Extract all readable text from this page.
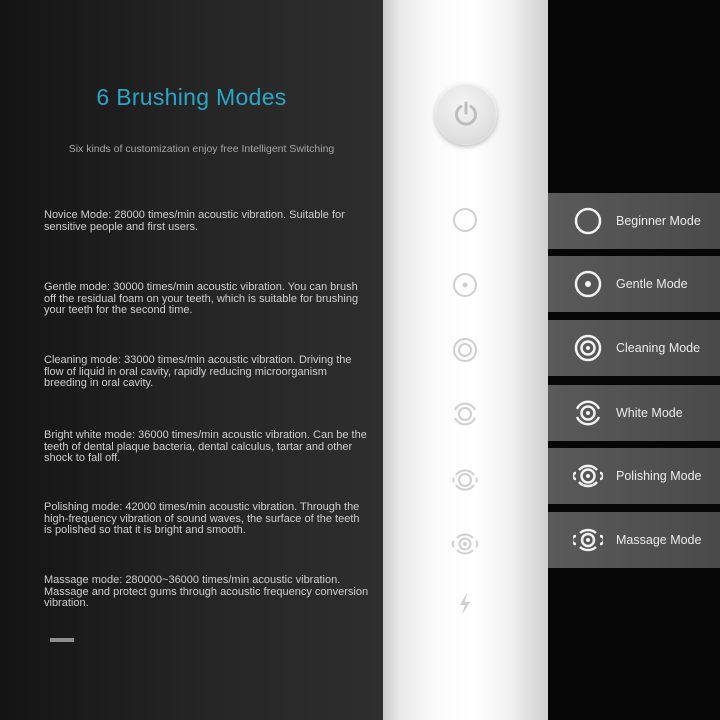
6 Brushing Modes

Six kinds of customization enjoy free Intelligent Switching

Novice Mode: 28000 times/min acoustic vibration. Suitable for sensitive people and first users.

Gentle mode: 30000 times/min acoustic vibration. You can brush off the residual foam on your teeth, which is suitable for brushing your teeth for the second time.

Cleaning mode: 33000 times/min acoustic vibration. Driving the flow of liquid in oral cavity, rapidly reducing microorganism breeding in oral cavity.

Bright white mode: 36000 times/min acoustic vibration. Can be the teeth of dental plaque bacteria, dental calculus, tartar and other shock to fall off.

Polishing mode: 42000 times/min acoustic vibration. Through the high-frequency vibration of sound waves, the surface of the teeth is polished so that it is bright and smooth.

Massage mode: 280000~36000 times/min acoustic vibration. Massage and protect gums through acoustic frequency conversion vibration.

Beginner Mode
Gentle Mode
Cleaning Mode
White Mode
Polishing Mode
Massage Mode
